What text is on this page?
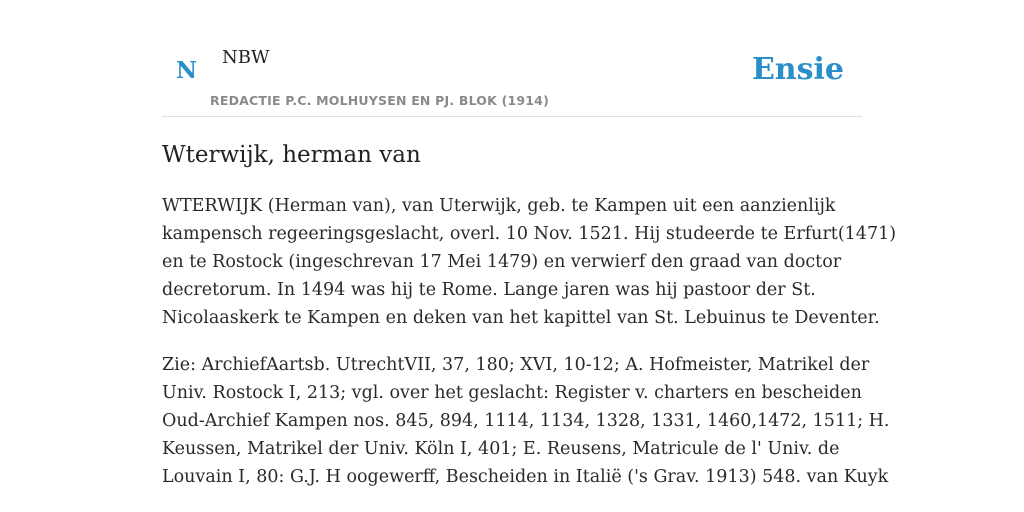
N NBW
REDACTIE P.C. MOLHUYSEN EN PJ. BLOK (1914)
Ensie
Wterwijk, herman van
WTERWIJK (Herman van), van Uterwijk, geb. te Kampen uit een aanzienlijk
kampensch regeeringsgeslacht, overl. 10 Nov. 1521. Hij studeerde te Erfurt(1471)
en te Rostock (ingeschrevan 17 Mei 1479) en verwierf den graad van doctor
decretorum. In 1494 was hij te Rome. Lange jaren was hij pastoor der St.
Nicolaaskerk te Kampen en deken van het kapittel van St. Lebuinus te Deventer.
Zie: ArchiefAartsb. UtrechtVII, 37, 180; XVI, 10-12; A. Hofmeister, Matrikel der
Univ. Rostock I, 213; vgl. over het geslacht: Register v. charters en bescheiden
Oud-Archief Kampen nos. 845, 894, 1114, 1134, 1328, 1331, 1460,1472, 1511; H.
Keussen, Matrikel der Univ. Köln I, 401; E. Reusens, Matricule de l' Univ. de
Louvain I, 80: G.J. H oogewerff, Bescheiden in Italië ('s Grav. 1913) 548. van Kuyk
